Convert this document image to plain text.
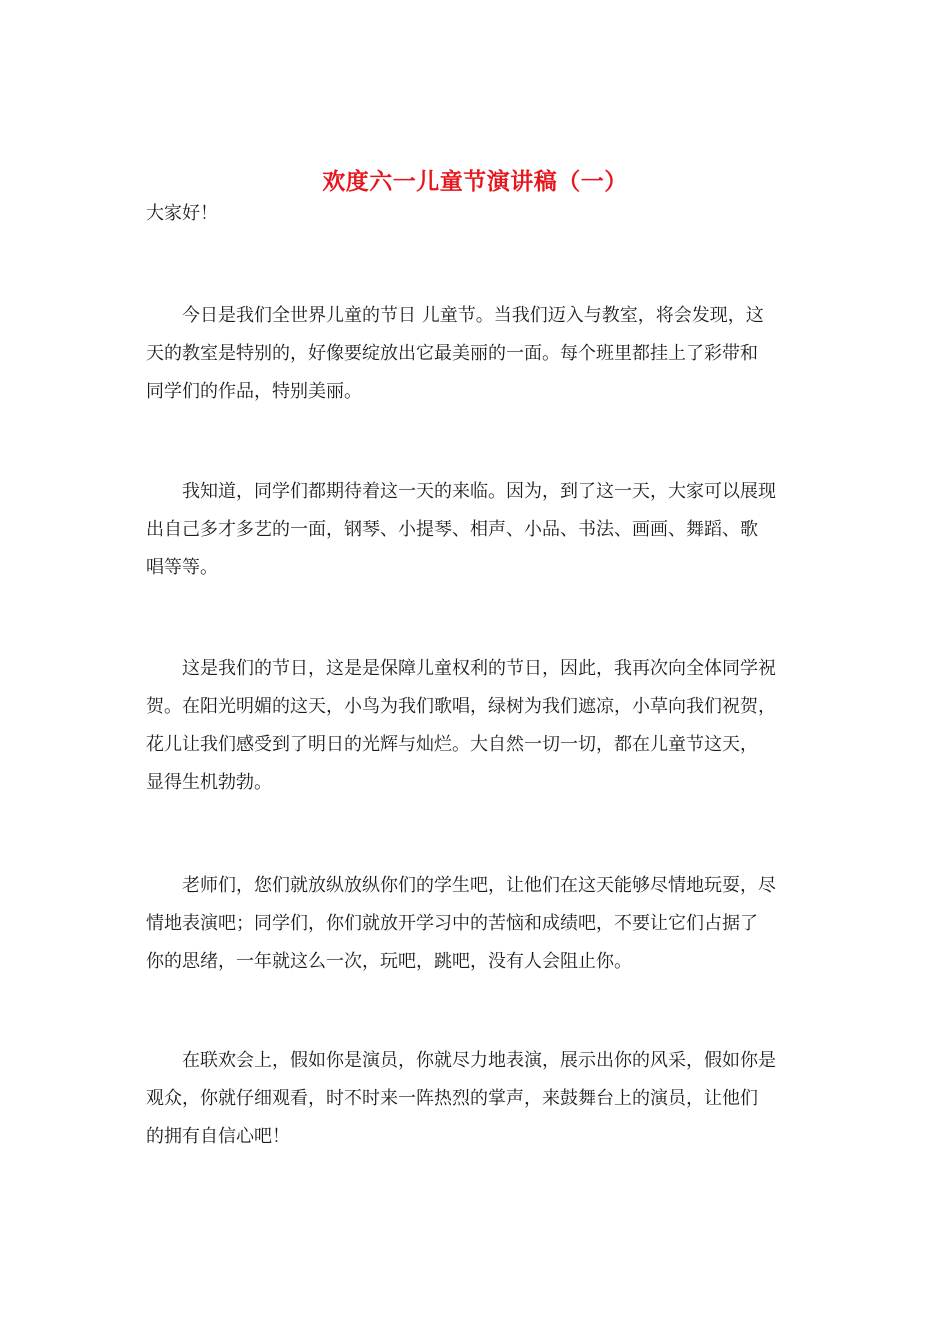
欢度六一儿童节演讲稿（一）
大家好！

　　今日是我们全世界儿童的节日 儿童节。当我们迈入与教室，将会发现，这
天的教室是特别的，好像要绽放出它最美丽的一面。每个班里都挂上了彩带和
同学们的作品，特别美丽。

　　我知道，同学们都期待着这一天的来临。因为，到了这一天，大家可以展现
出自己多才多艺的一面，钢琴、小提琴、相声、小品、书法、画画、舞蹈、歌
唱等等。

　　这是我们的节日，这是是保障儿童权利的节日，因此，我再次向全体同学祝
贺。在阳光明媚的这天，小鸟为我们歌唱，绿树为我们遮凉，小草向我们祝贺，
花儿让我们感受到了明日的光辉与灿烂。大自然一切一切，都在儿童节这天，
显得生机勃勃。

　　老师们，您们就放纵放纵你们的学生吧，让他们在这天能够尽情地玩耍，尽
情地表演吧；同学们，你们就放开学习中的苦恼和成绩吧，不要让它们占据了
你的思绪，一年就这么一次，玩吧，跳吧，没有人会阻止你。

　　在联欢会上，假如你是演员，你就尽力地表演，展示出你的风采，假如你是
观众，你就仔细观看，时不时来一阵热烈的掌声，来鼓舞台上的演员，让他们
的拥有自信心吧！
